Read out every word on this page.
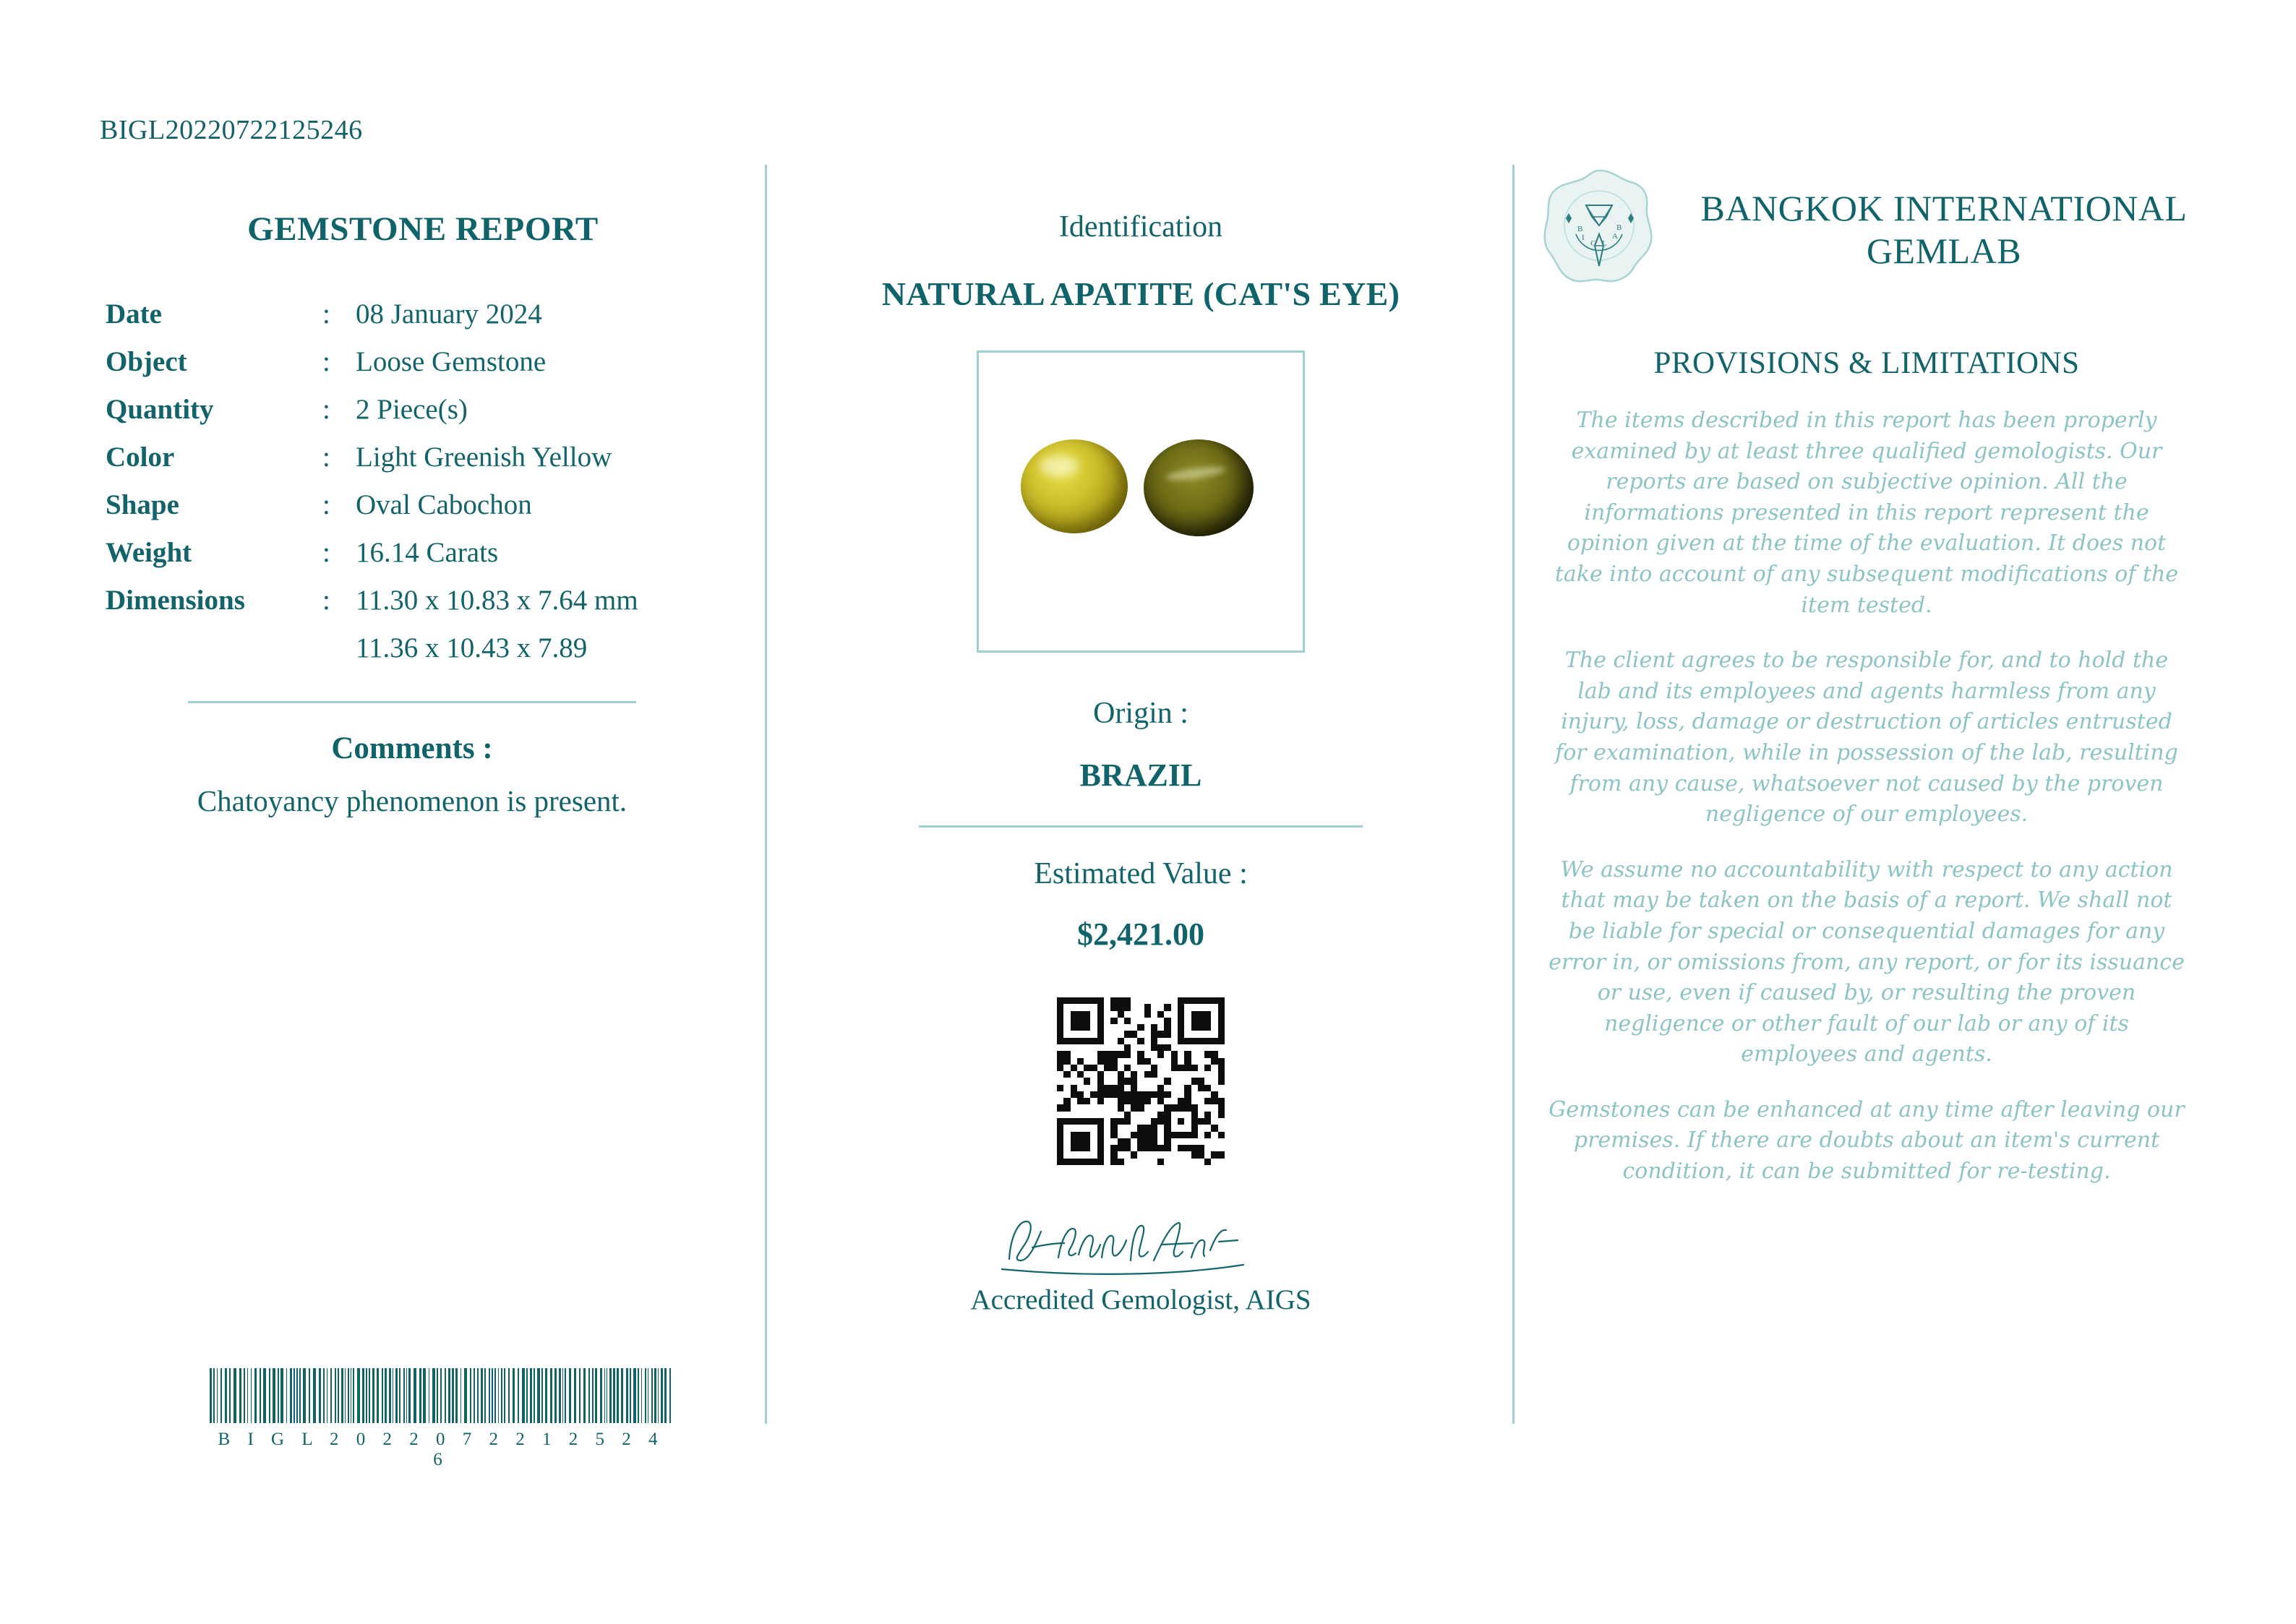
BIGL20220722125246
GEMSTONE REPORT
Date	:	08 January 2024
Object	:	Loose Gemstone
Quantity	:	2 Piece(s)
Color	:	Light Greenish Yellow
Shape	:	Oval Cabochon
Weight	:	16.14 Carats
Dimensions	:	11.30 x 10.83 x 7.64 mm
		11.36 x 10.43 x 7.89
Comments :
Chatoyancy phenomenon is present.
B I G L 2 0 2 2 0 7 2 2 1 2 5 2 4 6
Identification
NATURAL APATITE (CAT'S EYE)
Origin :
BRAZIL
Estimated Value :
$2,421.00
Accredited Gemologist, AIGS
B
I
G L
A
B	BANGKOK INTERNATIONAL GEMLAB
PROVISIONS & LIMITATIONS
The items described in this report has been properly examined by at least three qualified gemologists. Our reports are based on subjective opinion. All the informations presented in this report represent the opinion given at the time of the evaluation. It does not take into account of any subsequent modifications of the item tested.
The client agrees to be responsible for, and to hold the lab and its employees and agents harmless from any injury, loss, damage or destruction of articles entrusted for examination, while in possession of the lab, resulting from any cause, whatsoever not caused by the proven negligence of our employees.
We assume no accountability with respect to any action that may be taken on the basis of a report. We shall not be liable for special or consequential damages for any error in, or omissions from, any report, or for its issuance or use, even if caused by, or resulting the proven negligence or other fault of our lab or any of its employees and agents.
Gemstones can be enhanced at any time after leaving our premises. If there are doubts about an item's current condition, it can be submitted for re-testing.
